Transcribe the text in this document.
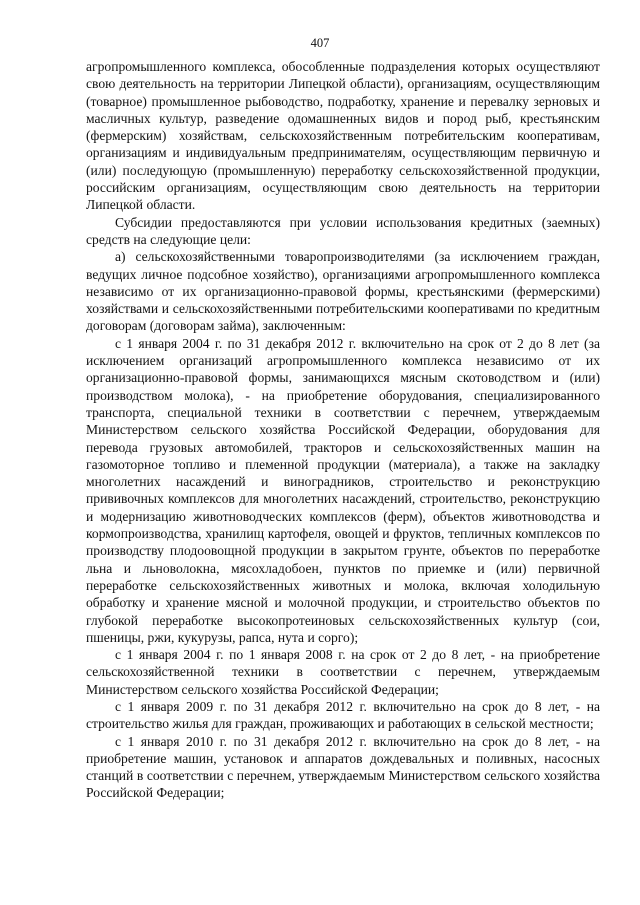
407

агропромышленного комплекса, обособленные подразделения которых осуществляют свою деятельность на территории Липецкой области), организациям, осуществляющим (товарное) промышленное рыбоводство, подработку, хранение и перевалку зерновых и масличных культур, разведение одомашненных видов и пород рыб, крестьянским (фермерским) хозяйствам, сельскохозяйственным потребительским кооперативам, организациям и индивидуальным предпринимателям, осуществляющим первичную и (или) последующую (промышленную) переработку сельскохозяйственной продукции, российским организациям, осуществляющим свою деятельность на территории Липецкой области.

Субсидии предоставляются при условии использования кредитных (заемных) средств на следующие цели:

а) сельскохозяйственными товаропроизводителями (за исключением граждан, ведущих личное подсобное хозяйство), организациями агропромышленного комплекса независимо от их организационно-правовой формы, крестьянскими (фермерскими) хозяйствами и сельскохозяйственными потребительскими кооперативами по кредитным договорам (договорам займа), заключенным:

с 1 января 2004 г. по 31 декабря 2012 г. включительно на срок от 2 до 8 лет (за исключением организаций агропромышленного комплекса независимо от их организационно-правовой формы, занимающихся мясным скотоводством и (или) производством молока), - на приобретение оборудования, специализированного транспорта, специальной техники в соответствии с перечнем, утверждаемым Министерством сельского хозяйства Российской Федерации, оборудования для перевода грузовых автомобилей, тракторов и сельскохозяйственных машин на газомоторное топливо и племенной продукции (материала), а также на закладку многолетних насаждений и виноградников, строительство и реконструкцию прививочных комплексов для многолетних насаждений, строительство, реконструкцию и модернизацию животноводческих комплексов (ферм), объектов животноводства и кормопроизводства, хранилищ картофеля, овощей и фруктов, тепличных комплексов по производству плодоовощной продукции в закрытом грунте, объектов по переработке льна и льноволокна, мясохладобоен, пунктов по приемке и (или) первичной переработке сельскохозяйственных животных и молока, включая холодильную обработку и хранение мясной и молочной продукции, и строительство объектов по глубокой переработке высокопротеиновых сельскохозяйственных культур (сои, пшеницы, ржи, кукурузы, рапса, нута и сорго);

с 1 января 2004 г. по 1 января 2008 г. на срок от 2 до 8 лет, - на приобретение сельскохозяйственной техники в соответствии с перечнем, утверждаемым Министерством сельского хозяйства Российской Федерации;

с 1 января 2009 г. по 31 декабря 2012 г. включительно на срок до 8 лет, - на строительство жилья для граждан, проживающих и работающих в сельской местности;

с 1 января 2010 г. по 31 декабря 2012 г. включительно на срок до 8 лет, - на приобретение машин, установок и аппаратов дождевальных и поливных, насосных станций в соответствии с перечнем, утверждаемым Министерством сельского хозяйства Российской Федерации;
